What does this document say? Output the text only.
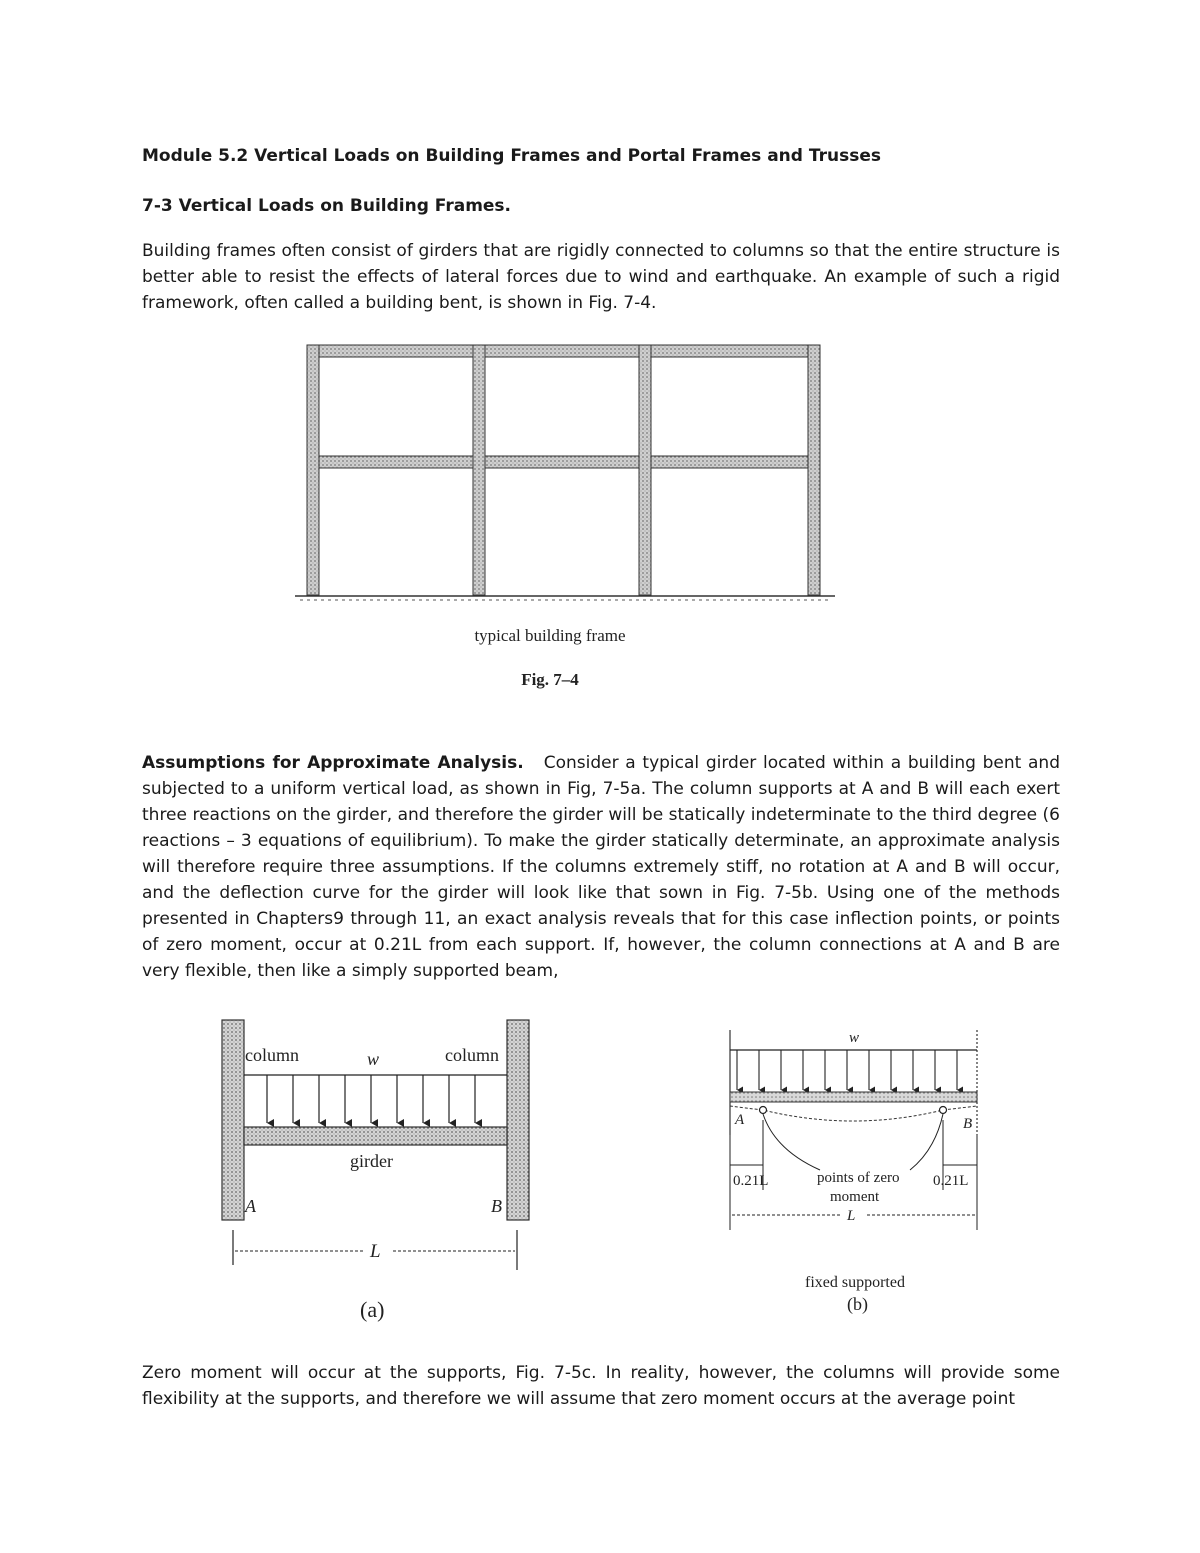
Module 5.2 Vertical Loads on Building Frames and Portal Frames and Trusses
7-3 Vertical Loads on Building Frames.
Building frames often consist of girders that are rigidly connected to columns so that the entire structure is better able to resist the effects of lateral forces due to wind and earthquake. An example of such a rigid framework, often called a building bent, is shown in Fig. 7-4.
typical building frame
Fig. 7–4
Assumptions for Approximate Analysis. Consider a typical girder located within a building bent and subjected to a uniform vertical load, as shown in Fig, 7-5a. The column supports at A and B will each exert three reactions on the girder, and therefore the girder will be statically indeterminate to the third degree (6 reactions – 3 equations of equilibrium). To make the girder statically determinate, an approximate analysis will therefore require three assumptions. If the columns extremely stiff, no rotation at A and B will occur, and the deflection curve for the girder will look like that sown in Fig. 7-5b. Using one of the methods presented in Chapters9 through 11, an exact analysis reveals that for this case inflection points, or points of zero moment, occur at 0.21L from each support. If, however, the column connections at A and B are very flexible, then like a simply supported beam,
column	column
w
girder
A	B
L
(a)
w
A	B
0.21L	0.21L
points of zero
moment
L
fixed supported
(b)
Zero moment will occur at the supports, Fig. 7-5c. In reality, however, the columns will provide some flexibility at the supports, and therefore we will assume that zero moment occurs at the average point
